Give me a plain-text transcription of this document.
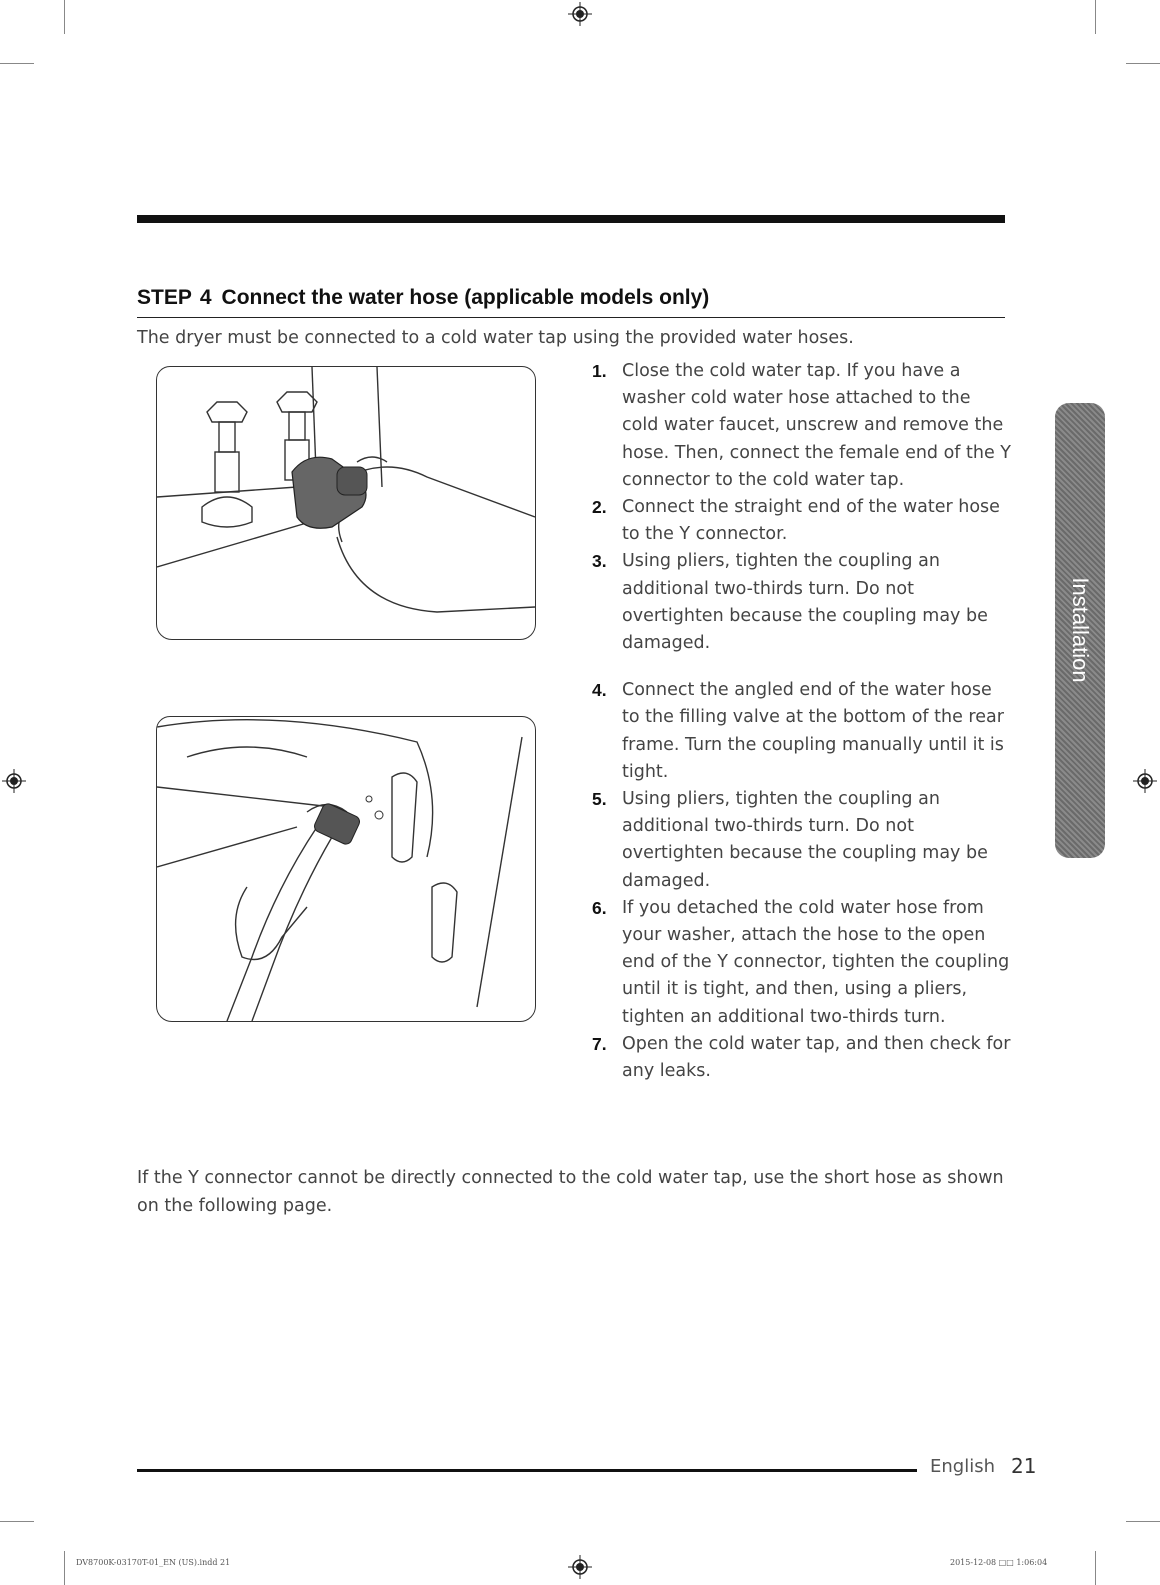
STEP 4 Connect the water hose (applicable models only)
The dryer must be connected to a cold water tap using the provided water hoses.
1. Close the cold water tap. If you have a washer cold water hose attached to the cold water faucet, unscrew and remove the hose. Then, connect the female end of the Y connector to the cold water tap.
2. Connect the straight end of the water hose to the Y connector.
3. Using pliers, tighten the coupling an additional two-thirds turn. Do not overtighten because the coupling may be damaged.
4. Connect the angled end of the water hose to the filling valve at the bottom of the rear frame. Turn the coupling manually until it is tight.
5. Using pliers, tighten the coupling an additional two-thirds turn. Do not overtighten because the coupling may be damaged.
6. If you detached the cold water hose from your washer, attach the hose to the open end of the Y connector, tighten the coupling until it is tight, and then, using a pliers, tighten an additional two-thirds turn.
7. Open the cold water tap, and then check for any leaks.
If the Y connector cannot be directly connected to the cold water tap, use the short hose as shown on the following page.
Installation
English 21
DV8700K-03170T-01_EN (US).indd 21	2015-12-08 □□ 1:06:04
